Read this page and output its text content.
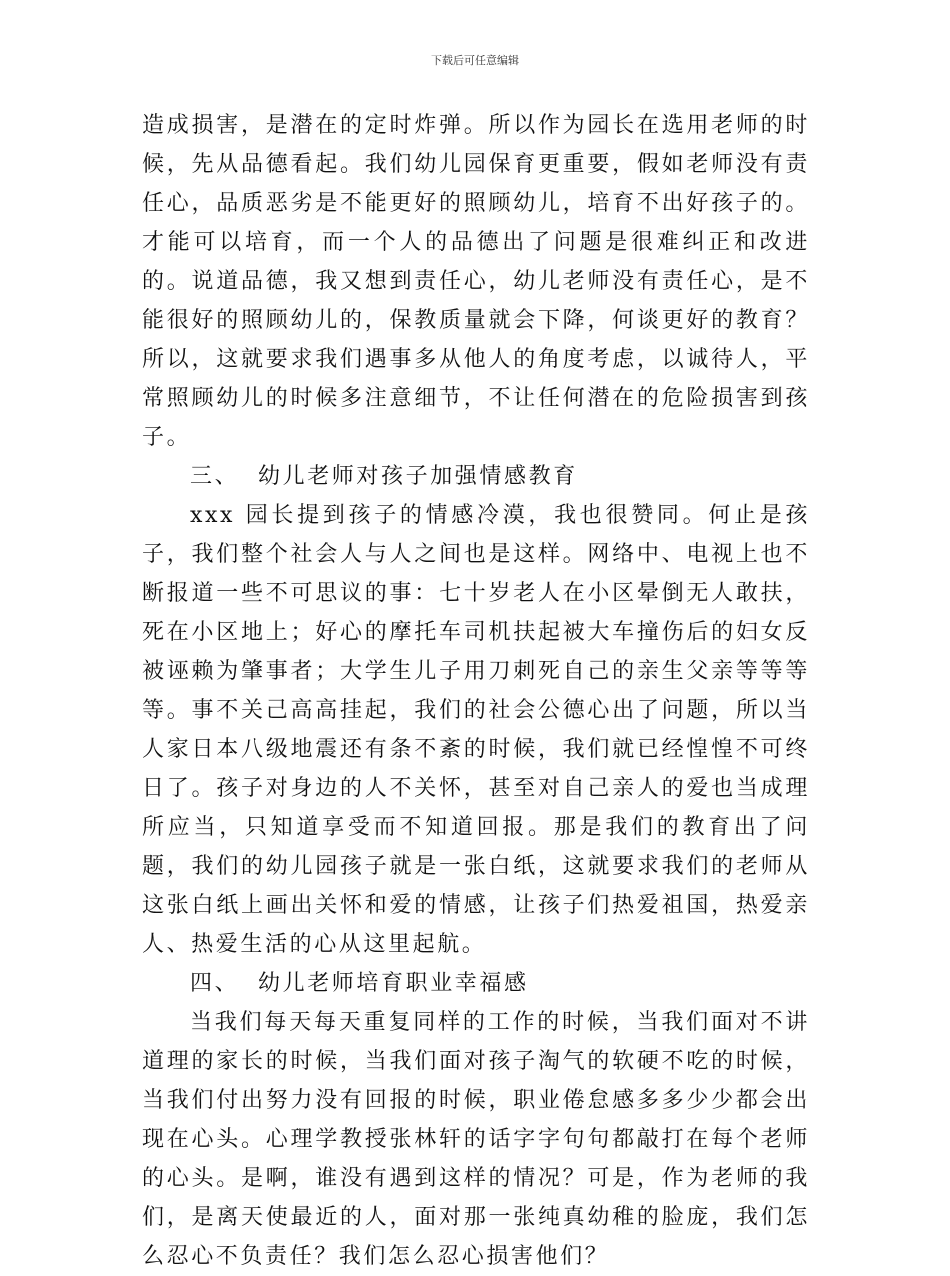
下载后可任意编辑

造成损害，是潜在的定时炸弹。所以作为园长在选用老师的时候，先从品德看起。我们幼儿园保育更重要，假如老师没有责任心，品质恶劣是不能更好的照顾幼儿，培育不出好孩子的。才能可以培育，而一个人的品德出了问题是很难纠正和改进的。说道品德，我又想到责任心，幼儿老师没有责任心，是不能很好的照顾幼儿的，保教质量就会下降，何谈更好的教育？所以，这就要求我们遇事多从他人的角度考虑，以诚待人，平常照顾幼儿的时候多注意细节，不让任何潜在的危险损害到孩子。

三、 幼儿老师对孩子加强情感教育

xxx 园长提到孩子的情感冷漠，我也很赞同。何止是孩子，我们整个社会人与人之间也是这样。网络中、电视上也不断报道一些不可思议的事：七十岁老人在小区晕倒无人敢扶，死在小区地上；好心的摩托车司机扶起被大车撞伤后的妇女反被诬赖为肇事者；大学生儿子用刀刺死自己的亲生父亲等等等等。事不关己高高挂起，我们的社会公德心出了问题，所以当人家日本八级地震还有条不紊的时候，我们就已经惶惶不可终日了。孩子对身边的人不关怀，甚至对自己亲人的爱也当成理所应当，只知道享受而不知道回报。那是我们的教育出了问题，我们的幼儿园孩子就是一张白纸，这就要求我们的老师从这张白纸上画出关怀和爱的情感，让孩子们热爱祖国，热爱亲人、热爱生活的心从这里起航。

四、 幼儿老师培育职业幸福感

当我们每天每天重复同样的工作的时候，当我们面对不讲道理的家长的时候，当我们面对孩子淘气的软硬不吃的时候，当我们付出努力没有回报的时候，职业倦怠感多多少少都会出现在心头。心理学教授张林轩的话字字句句都敲打在每个老师的心头。是啊，谁没有遇到这样的情况？可是，作为老师的我们，是离天使最近的人，面对那一张纯真幼稚的脸庞，我们怎么忍心不负责任？我们怎么忍心损害他们？
